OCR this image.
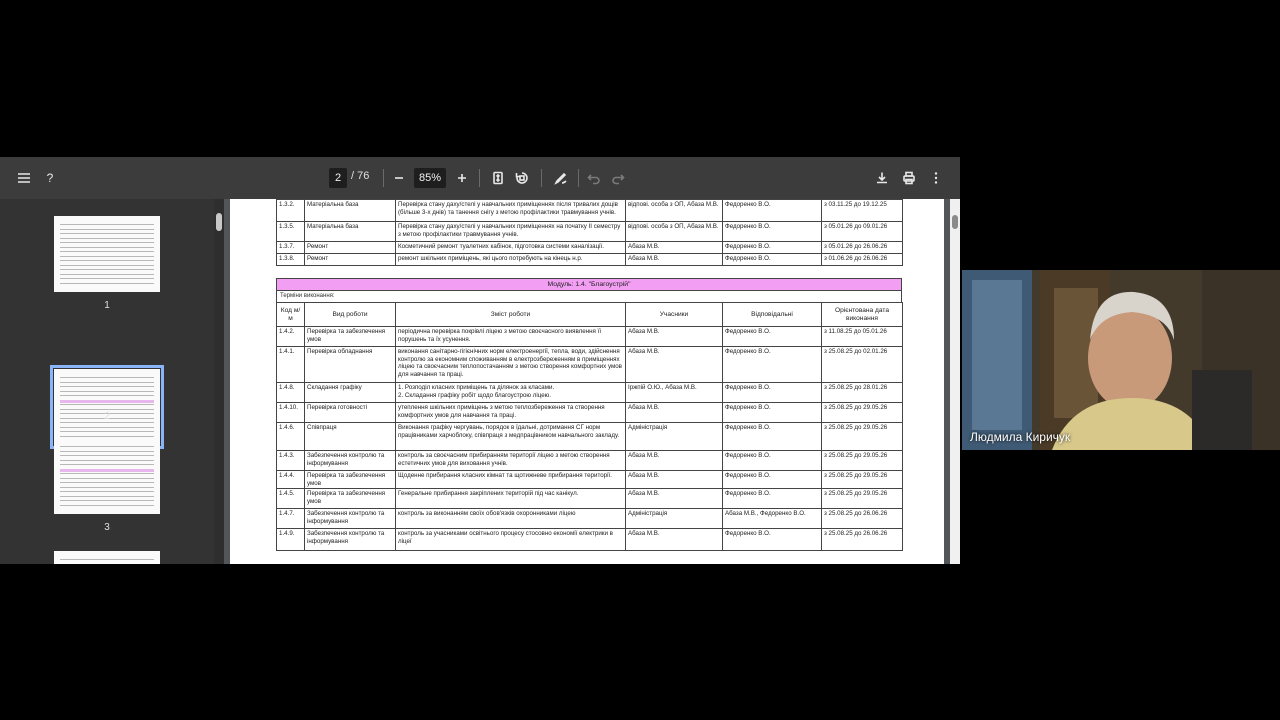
?	2 / 76	85%
1
2
3
1.3.2.	Матеріальна база	Перевірка стану даху/стелі у навчальних приміщеннях після тривалих дощів (більше 3-х днів) та танення снігу з метою профілактики травмування учнів.	відпові. особа з ОП, Абаза М.В.	Федоренко В.О.	з 03.11.25 до 19.12.25
1.3.5.	Матеріальна база	Перевірка стану даху/стелі у навчальних приміщеннях на початку II семестру з метою профілактики травмування учнів.	відпові. особа з ОП, Абаза М.В.	Федоренко В.О.	з 05.01.26 до 09.01.26
1.3.7.	Ремонт	Косметичний ремонт туалетних кабінок, підготовка системи каналізації.	Абаза М.В.	Федоренко В.О.	з 05.01.26 до 26.06.26
1.3.8.	Ремонт	ремонт шкільних приміщень, які цього потребують на кінець н.р.	Абаза М.В.	Федоренко В.О.	з 01.06.26 до 26.06.26
Модуль: 1.4. "Благоустрій"
Терміни виконання:
Код м/м	Вид роботи	Зміст роботи	Учасники	Відповідальні	Орієнтована дата виконання
1.4.2.	Перевірка та забезпечення умов	періодична перевірка покрівлі ліцею з метою своєчасного виявлення її порушень та їх усунення.	Абаза М.В.	Федоренко В.О.	з 11.08.25 до 05.01.26
1.4.1.	Перевірка обладнання	виконання санітарно-гігієнічних норм електроенергії, тепла, води, здійснення контролю за економним споживанням в електрозбереженням в приміщеннях ліцею та своєчасним теплопостачанням з метою створення комфортних умов для навчання та праці.	Абаза М.В.	Федоренко В.О.	з 25.08.25 до 02.01.26
1.4.8.	Складання графіку	1. Розподіл класних приміщень та ділянок за класами.
2. Складання графіку робіт щодо благоустрою ліцею.	Іржпій О.Ю., Абаза М.В.	Федоренко В.О.	з 25.08.25 до 28.01.26
1.4.10.	Перевірка готовності	утеплення шкільних приміщень з метою теплозбереження та створення комфортних умов для навчання та праці.	Абаза М.В.	Федоренко В.О.	з 25.08.25 до 29.05.26
1.4.6.	Співпраця	Виконання графіку чергувань, порядок в їдальні, дотримання СГ норм працівниками харчоблоку, співпраця з медпрацівником навчального закладу.	Адміністрація	Федоренко В.О.	з 25.08.25 до 29.05.26
1.4.3.	Забезпечення контролю та інформування	контроль за своєчасним прибиранням території ліцею з метою створення естетичних умов для виховання учнів.	Абаза М.В.	Федоренко В.О.	з 25.08.25 до 29.05.26
1.4.4.	Перевірка та забезпечення умов	Щоденне прибирання класних кімнат та щотижневе прибирання території.	Абаза М.В.	Федоренко В.О.	з 25.08.25 до 29.05.26
1.4.5.	Перевірка та забезпечення умов	Генеральне прибирання закріплених територій під час канікул.	Абаза М.В.	Федоренко В.О.	з 25.08.25 до 29.05.26
1.4.7.	Забезпечення контролю та інформування	контроль за виконанням своїх обов'язків охоронниками ліцею	Адміністрація	Абаза М.В., Федоренко В.О.	з 25.08.25 до 26.06.26
1.4.9.	Забезпечення контролю та інформування	контроль за учасниками освітнього процесу стосовно економії електрики в ліцеї	Абаза М.В.	Федоренко В.О.	з 25.08.25 до 26.06.26
Людмила Киричук
